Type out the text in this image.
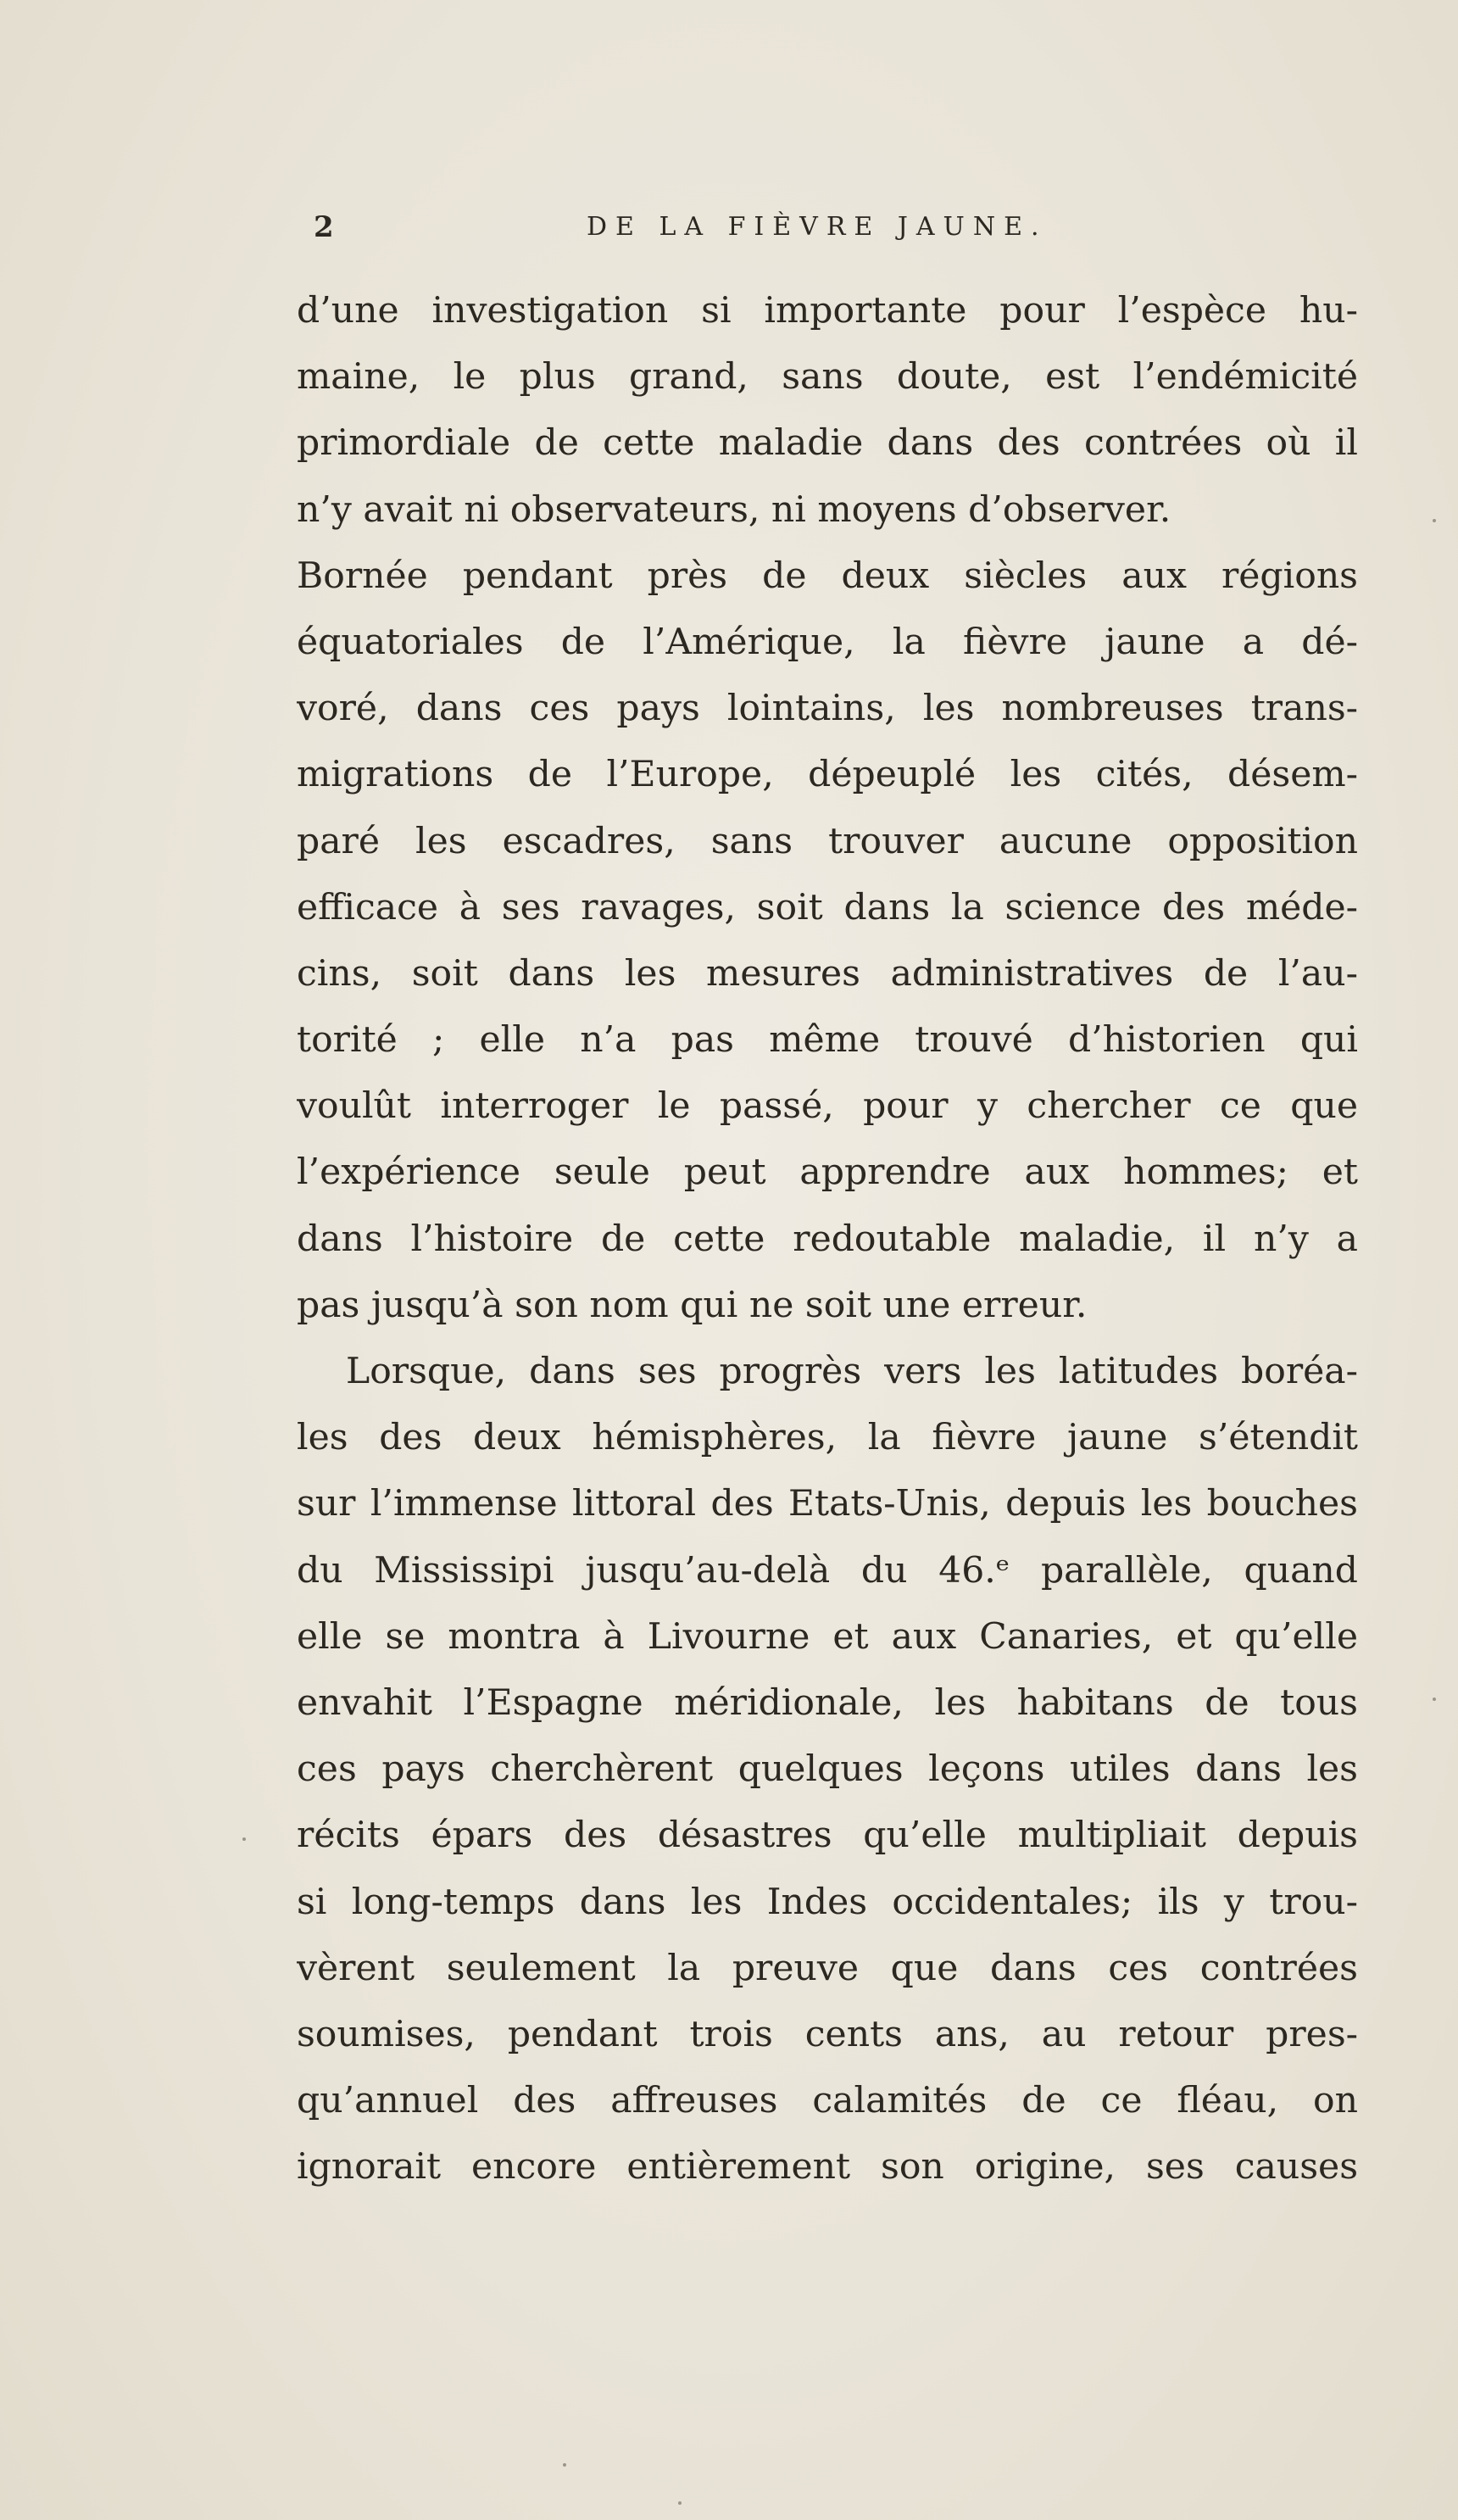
2	DE LA FIÈVRE JAUNE.
d’une investigation si importante pour l’espèce hu-
maine, le plus grand, sans doute, est l’endémicité
primordiale de cette maladie dans des contrées où il
n’y avait ni observateurs, ni moyens d’observer.
Bornée pendant près de deux siècles aux régions
équatoriales de l’Amérique, la fièvre jaune a dé-
voré, dans ces pays lointains, les nombreuses trans-
migrations de l’Europe, dépeuplé les cités, désem-
paré les escadres, sans trouver aucune opposition
efficace à ses ravages, soit dans la science des méde-
cins, soit dans les mesures administratives de l’au-
torité ; elle n’a pas même trouvé d’historien qui
voulût interroger le passé, pour y chercher ce que
l’expérience seule peut apprendre aux hommes; et
dans l’histoire de cette redoutable maladie, il n’y a
pas jusqu’à son nom qui ne soit une erreur.
Lorsque, dans ses progrès vers les latitudes boréa-
les des deux hémisphères, la fièvre jaune s’étendit
sur l’immense littoral des Etats-Unis, depuis les bouches
du Mississipi jusqu’au-delà du 46.ᵉ parallèle, quand
elle se montra à Livourne et aux Canaries, et qu’elle
envahit l’Espagne méridionale, les habitans de tous
ces pays cherchèrent quelques leçons utiles dans les
récits épars des désastres qu’elle multipliait depuis
si long-temps dans les Indes occidentales; ils y trou-
vèrent seulement la preuve que dans ces contrées
soumises, pendant trois cents ans, au retour pres-
qu’annuel des affreuses calamités de ce fléau, on
ignorait encore entièrement son origine, ses causes
